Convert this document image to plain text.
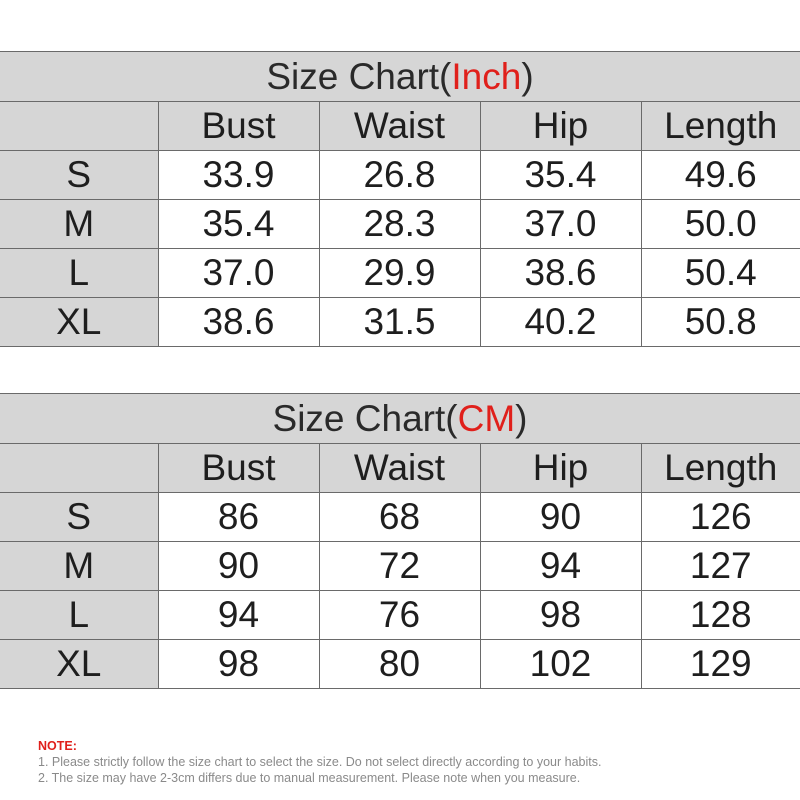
Size Chart(Inch)
	Bust	Waist	Hip	Length
S	33.9	26.8	35.4	49.6
M	35.4	28.3	37.0	50.0
L	37.0	29.9	38.6	50.4
XL	38.6	31.5	40.2	50.8
Size Chart(CM)
	Bust	Waist	Hip	Length
S	86	68	90	126
M	90	72	94	127
L	94	76	98	128
XL	98	80	102	129
NOTE:
1. Please strictly follow the size chart to select the size. Do not select directly according to your habits.
2. The size may have 2-3cm differs due to manual measurement. Please note when you measure.
